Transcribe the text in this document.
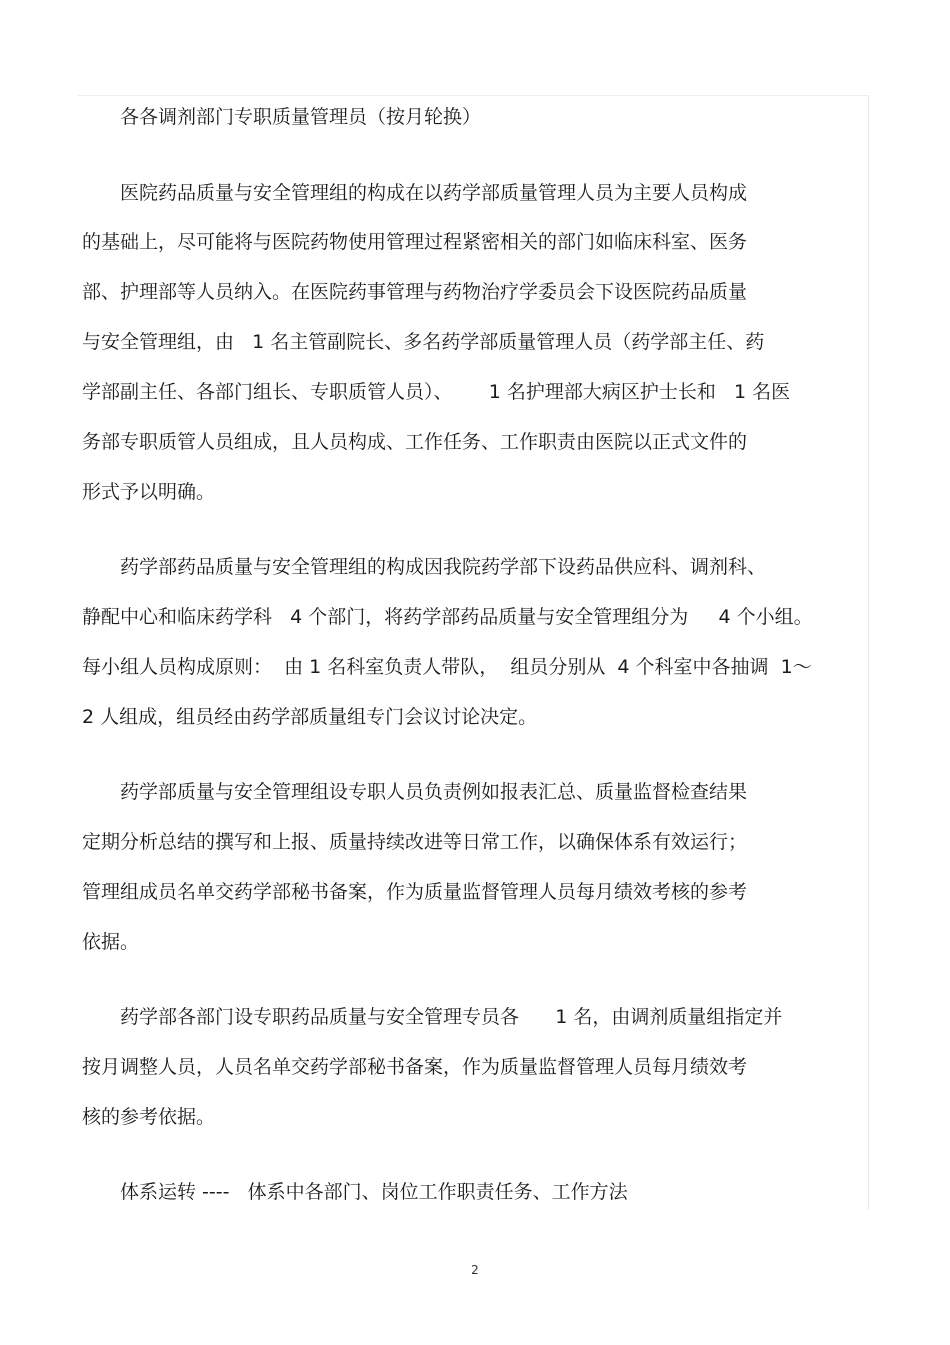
各各调剂部门专职质量管理员（按月轮换）
医院药品质量与安全管理组的构成在以药学部质量管理人员为主要人员构成
的基础上，尽可能将与医院药物使用管理过程紧密相关的部门如临床科室、医务
部、护理部等人员纳入。在医院药事管理与药物治疗学委员会下设医院药品质量
与安全管理组，由   1 名主管副院长、多名药学部质量管理人员（药学部主任、药
学部副主任、各部门组长、专职质管人员）、      1 名护理部大病区护士长和   1 名医
务部专职质管人员组成，且人员构成、工作任务、工作职责由医院以正式文件的
形式予以明确。
药学部药品质量与安全管理组的构成因我院药学部下设药品供应科、调剂科、
静配中心和临床药学科   4 个部门，将药学部药品质量与安全管理组分为     4 个小组。
每小组人员构成原则：  由 1 名科室负责人带队，  组员分别从  4 个科室中各抽调  1～
2 人组成，组员经由药学部质量组专门会议讨论决定。
药学部质量与安全管理组设专职人员负责例如报表汇总、质量监督检查结果
定期分析总结的撰写和上报、质量持续改进等日常工作，以确保体系有效运行；
管理组成员名单交药学部秘书备案，作为质量监督管理人员每月绩效考核的参考
依据。
药学部各部门设专职药品质量与安全管理专员各      1 名，由调剂质量组指定并
按月调整人员，人员名单交药学部秘书备案，作为质量监督管理人员每月绩效考
核的参考依据。
体系运转 ----   体系中各部门、岗位工作职责任务、工作方法
2
